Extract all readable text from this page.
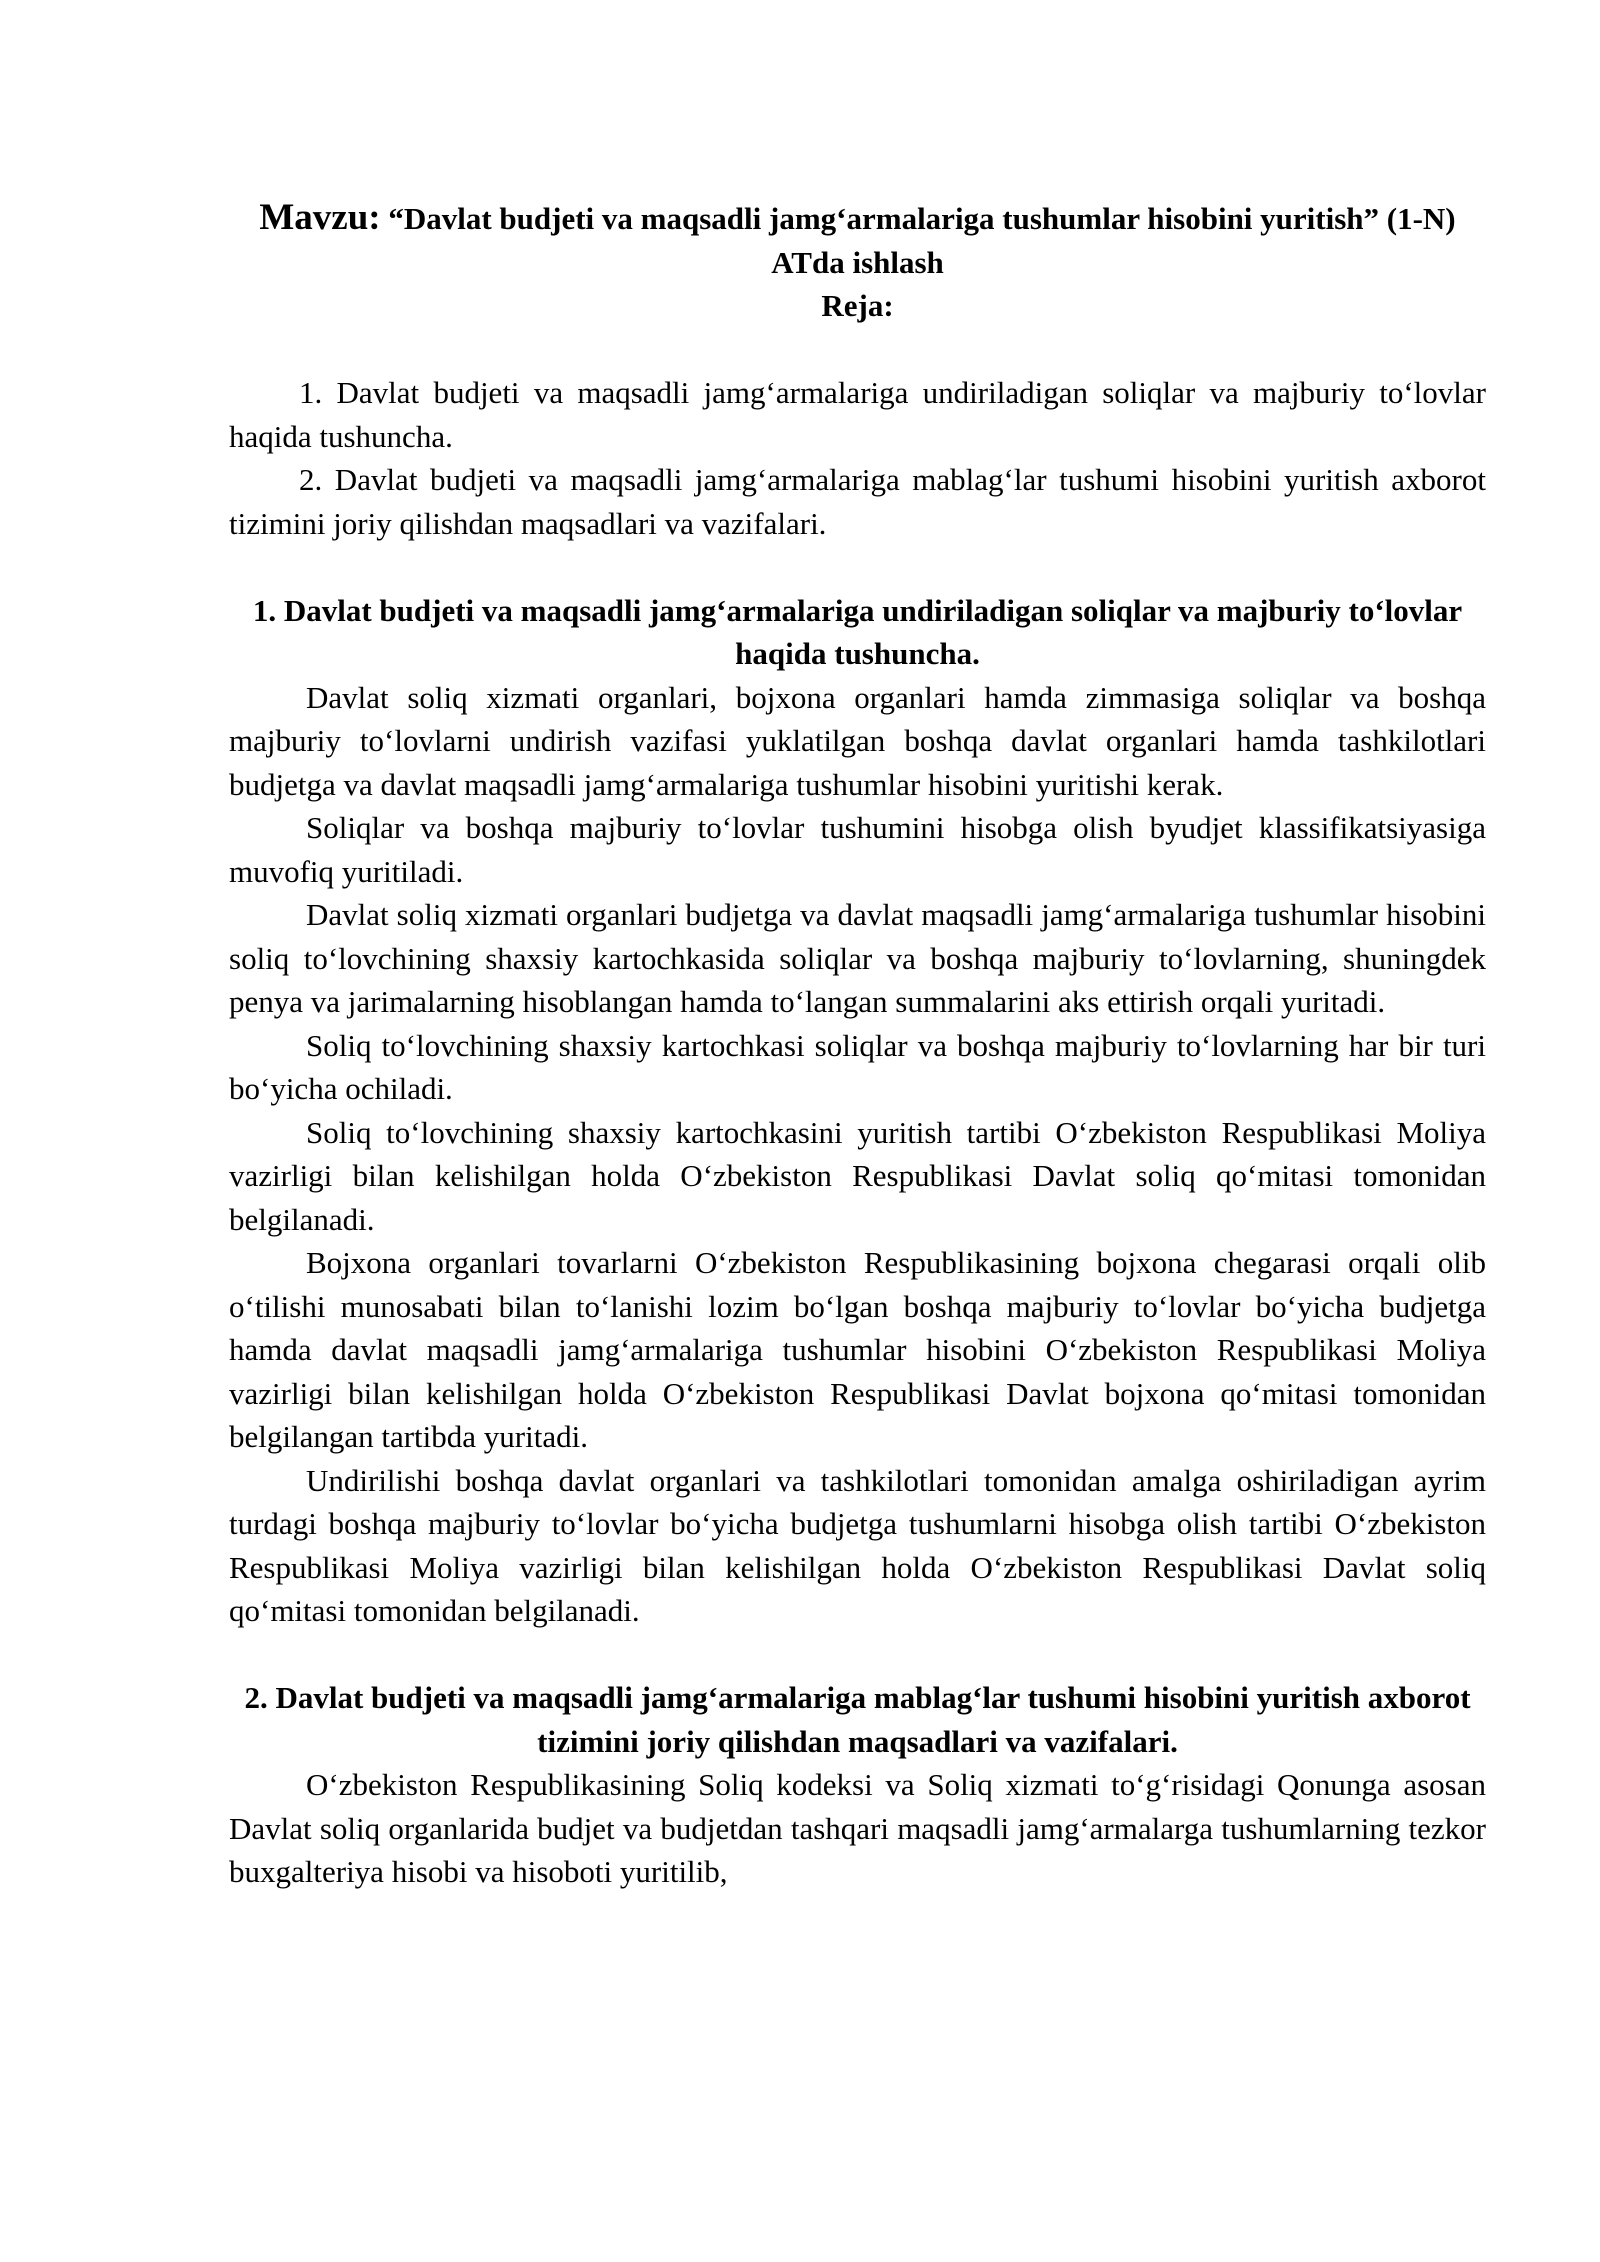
Mavzu: “Davlat budjeti va maqsadli jamg‘armalariga tushumlar hisobini yuritish” (1-N) ATda ishlash
Reja:

1. Davlat budjeti va maqsadli jamg‘armalariga undiriladigan soliqlar va majburiy to‘lovlar haqida tushuncha.

2. Davlat budjeti va maqsadli jamg‘armalariga mablag‘lar tushumi hisobini yuritish axborot tizimini joriy qilishdan maqsadlari va vazifalari.

1. Davlat budjeti va maqsadli jamg‘armalariga undiriladigan soliqlar va majburiy to‘lovlar haqida tushuncha.

Davlat soliq xizmati organlari, bojxona organlari hamda zimmasiga soliqlar va boshqa majburiy to‘lovlarni undirish vazifasi yuklatilgan boshqa davlat organlari hamda tashkilotlari budjetga va davlat maqsadli jamg‘armalariga tushumlar hisobini yuritishi kerak.

Soliqlar va boshqa majburiy to‘lovlar tushumini hisobga olish byudjet klassifikatsiyasiga muvofiq yuritiladi.

Davlat soliq xizmati organlari budjetga va davlat maqsadli jamg‘armalariga tushumlar hisobini soliq to‘lovchining shaxsiy kartochkasida soliqlar va boshqa majburiy to‘lovlarning, shuningdek penya va jarimalarning hisoblangan hamda to‘langan summalarini aks ettirish orqali yuritadi.

Soliq to‘lovchining shaxsiy kartochkasi soliqlar va boshqa majburiy to‘lovlarning har bir turi bo‘yicha ochiladi.

Soliq to‘lovchining shaxsiy kartochkasini yuritish tartibi O‘zbekiston Respublikasi Moliya vazirligi bilan kelishilgan holda O‘zbekiston Respublikasi Davlat soliq qo‘mitasi tomonidan belgilanadi.

Bojxona organlari tovarlarni O‘zbekiston Respublikasining bojxona chegarasi orqali olib o‘tilishi munosabati bilan to‘lanishi lozim bo‘lgan boshqa majburiy to‘lovlar bo‘yicha budjetga hamda davlat maqsadli jamg‘armalariga tushumlar hisobini O‘zbekiston Respublikasi Moliya vazirligi bilan kelishilgan holda O‘zbekiston Respublikasi Davlat bojxona qo‘mitasi tomonidan belgilangan tartibda yuritadi.

Undirilishi boshqa davlat organlari va tashkilotlari tomonidan amalga oshiriladigan ayrim turdagi boshqa majburiy to‘lovlar bo‘yicha budjetga tushumlarni hisobga olish tartibi O‘zbekiston Respublikasi Moliya vazirligi bilan kelishilgan holda O‘zbekiston Respublikasi Davlat soliq qo‘mitasi tomonidan belgilanadi.

2. Davlat budjeti va maqsadli jamg‘armalariga mablag‘lar tushumi hisobini yuritish axborot tizimini joriy qilishdan maqsadlari va vazifalari.

O‘zbekiston Respublikasining Soliq kodeksi va Soliq xizmati to‘g‘risidagi Qonunga asosan Davlat soliq organlarida budjet va budjetdan tashqari maqsadli jamg‘armalarga tushumlarning tezkor buxgalteriya hisobi va hisoboti yuritilib,
